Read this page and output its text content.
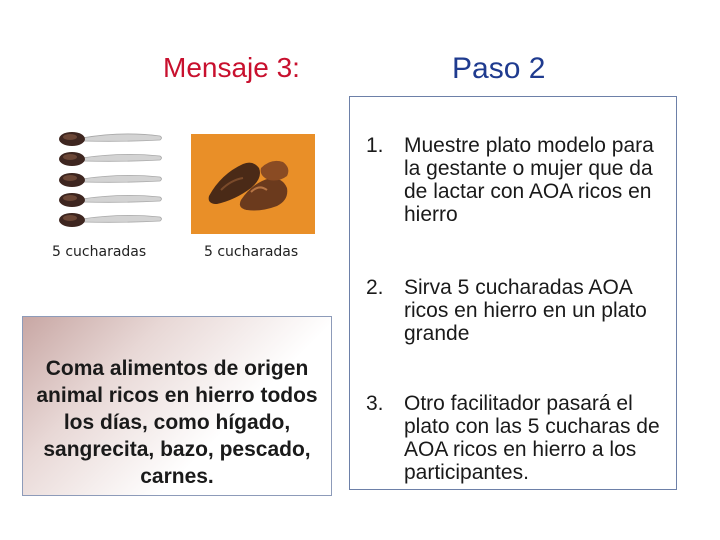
Mensaje 3:	Paso 2
5 cucharadas	5 cucharadas
Coma alimentos de origen animal ricos en hierro todos los días, como hígado, sangrecita, bazo, pescado, carnes.
1. Muestre plato modelo para la gestante o mujer que da de lactar con AOA ricos en hierro
2. Sirva 5 cucharadas AOA ricos en hierro en un plato grande
3. Otro facilitador pasará el plato con las 5 cucharas de AOA ricos en hierro a los participantes.
